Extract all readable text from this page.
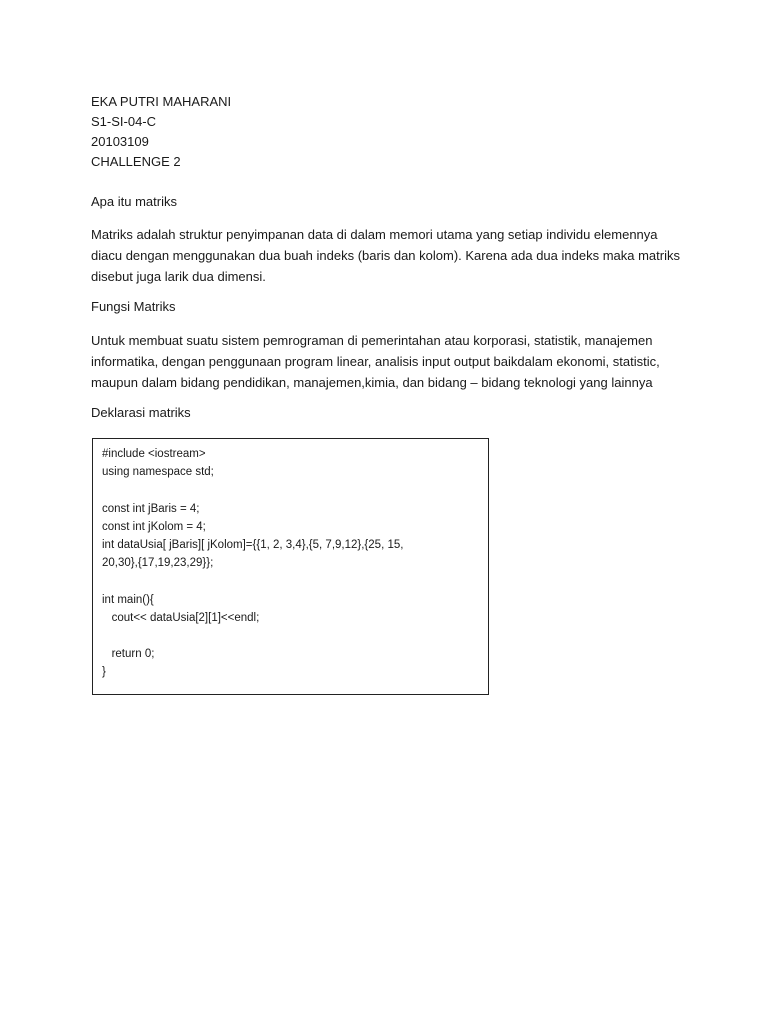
EKA PUTRI MAHARANI
S1-SI-04-C
20103109
CHALLENGE 2
Apa itu matriks
Matriks adalah struktur penyimpanan data di dalam memori utama yang setiap individu elemennya
diacu dengan menggunakan dua buah indeks (baris dan kolom). Karena ada dua indeks maka matriks
disebut juga larik dua dimensi.
Fungsi Matriks
Untuk membuat suatu sistem pemrograman di pemerintahan atau korporasi, statistik, manajemen
informatika, dengan penggunaan program linear, analisis input output baikdalam ekonomi, statistic,
maupun dalam bidang pendidikan, manajemen,kimia, dan bidang – bidang teknologi yang lainnya
Deklarasi matriks
#include <iostream>
using namespace std;
const int jBaris = 4;
const int jKolom = 4;
int dataUsia[ jBaris][ jKolom]={{1, 2, 3,4},{5, 7,9,12},{25, 15,
20,30},{17,19,23,29}};
int main(){
cout<< dataUsia[2][1]<<endl;
return 0;
}
